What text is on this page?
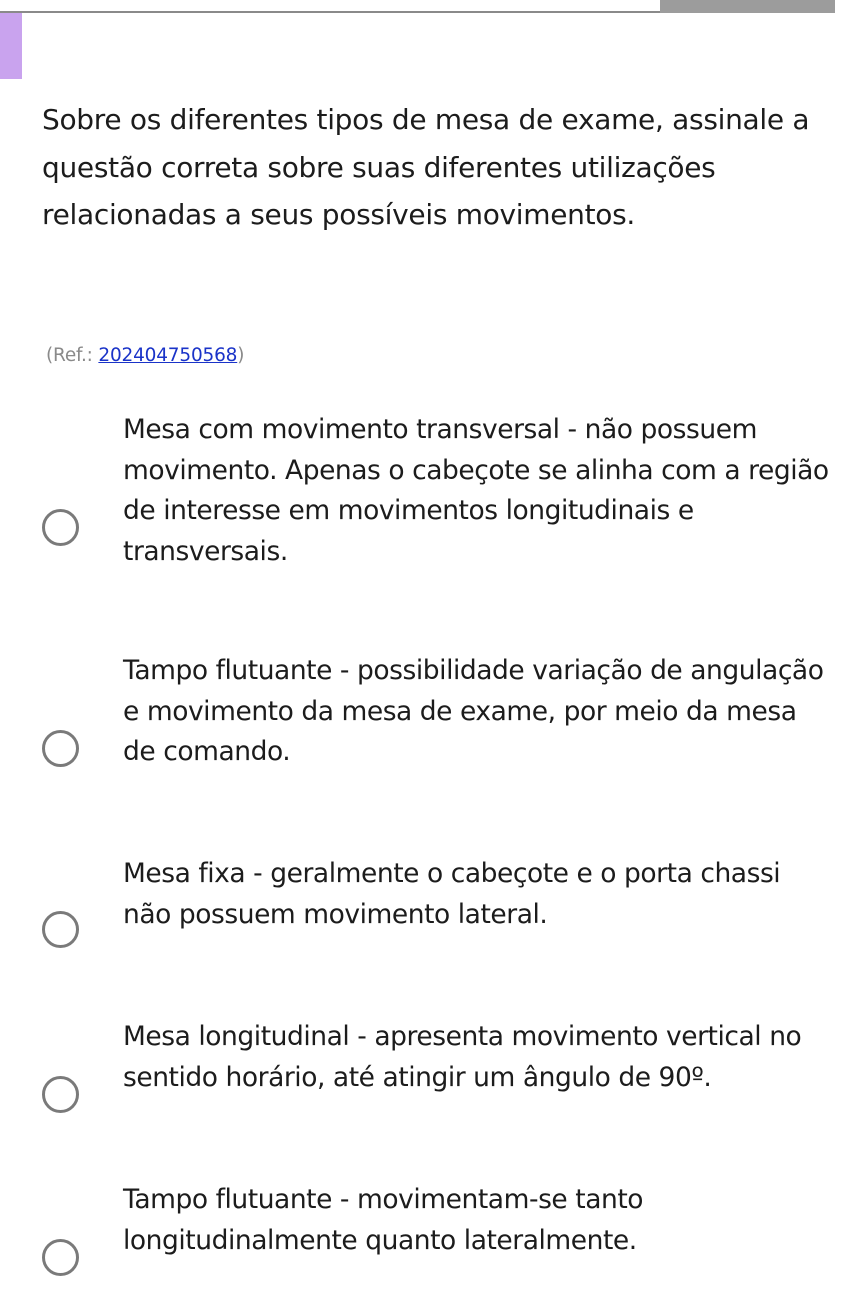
Sobre os diferentes tipos de mesa de exame, assinale a questão correta sobre suas diferentes utilizações relacionadas a seus possíveis movimentos.

(Ref.: 202404750568)

Mesa com movimento transversal - não possuem movimento. Apenas o cabeçote se alinha com a região de interesse em movimentos longitudinais e transversais.

Tampo flutuante - possibilidade variação de angulação e movimento da mesa de exame, por meio da mesa de comando.

Mesa fixa - geralmente o cabeçote e o porta chassi não possuem movimento lateral.

Mesa longitudinal - apresenta movimento vertical no sentido horário, até atingir um ângulo de 90º.

Tampo flutuante - movimentam-se tanto longitudinalmente quanto lateralmente.
